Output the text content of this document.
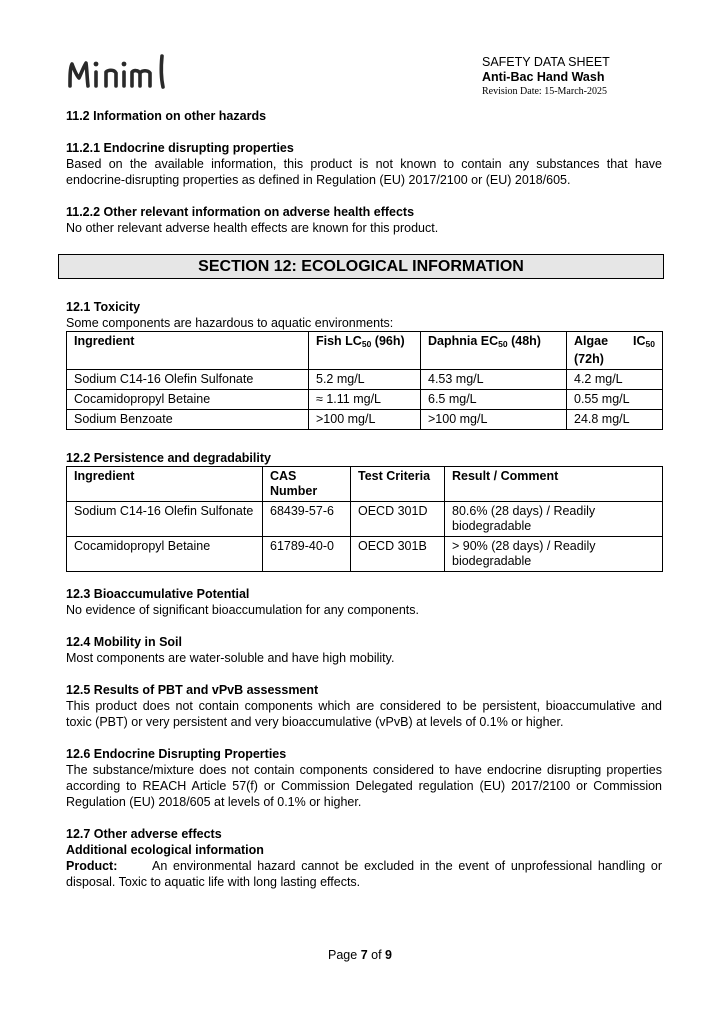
SAFETY DATA SHEET
Anti-Bac Hand Wash
Revision Date: 15-March-2025

11.2 Information on other hazards

11.2.1 Endocrine disrupting properties

Based on the available information, this product is not known to contain any substances that have endocrine-disrupting properties as defined in Regulation (EU) 2017/2100 or (EU) 2018/605.

11.2.2 Other relevant information on adverse health effects

No other relevant adverse health effects are known for this product.

SECTION 12: ECOLOGICAL INFORMATION

12.1 Toxicity

Some components are hazardous to aquatic environments:

Ingredient	Fish $LC_{50}$ (96h)	Daphnia $EC_{50}$ (48h)	Algae $IC_{50}$
(72h)
Sodium C14-16 Olefin Sulfonate	5.2 mg/L	4.53 mg/L	4.2 mg/L
Cocamidopropyl Betaine	≈ 1.11 mg/L	6.5 mg/L	0.55 mg/L
Sodium Benzoate	>100 mg/L	>100 mg/L	24.8 mg/L

12.2 Persistence and degradability

Ingredient	CAS Number	Test Criteria	Result / Comment
Sodium C14-16 Olefin Sulfonate	68439-57-6	OECD 301D	80.6% (28 days) / Readily biodegradable
Cocamidopropyl Betaine	61789-40-0	OECD 301B	> 90% (28 days) / Readily biodegradable

12.3 Bioaccumulative Potential

No evidence of significant bioaccumulation for any components.

12.4 Mobility in Soil

Most components are water-soluble and have high mobility.

12.5 Results of PBT and vPvB assessment

This product does not contain components which are considered to be persistent, bioaccumulative and toxic (PBT) or very persistent and very bioaccumulative (vPvB) at levels of 0.1% or higher.

12.6 Endocrine Disrupting Properties

The substance/mixture does not contain components considered to have endocrine disrupting properties according to REACH Article 57(f) or Commission Delegated regulation (EU) 2017/2100 or Commission Regulation (EU) 2018/605 at levels of 0.1% or higher.

12.7 Other adverse effects

Additional ecological information

Product:	An environmental hazard cannot be excluded in the event of unprofessional handling or disposal. Toxic to aquatic life with long lasting effects.

Page 7 of 9
